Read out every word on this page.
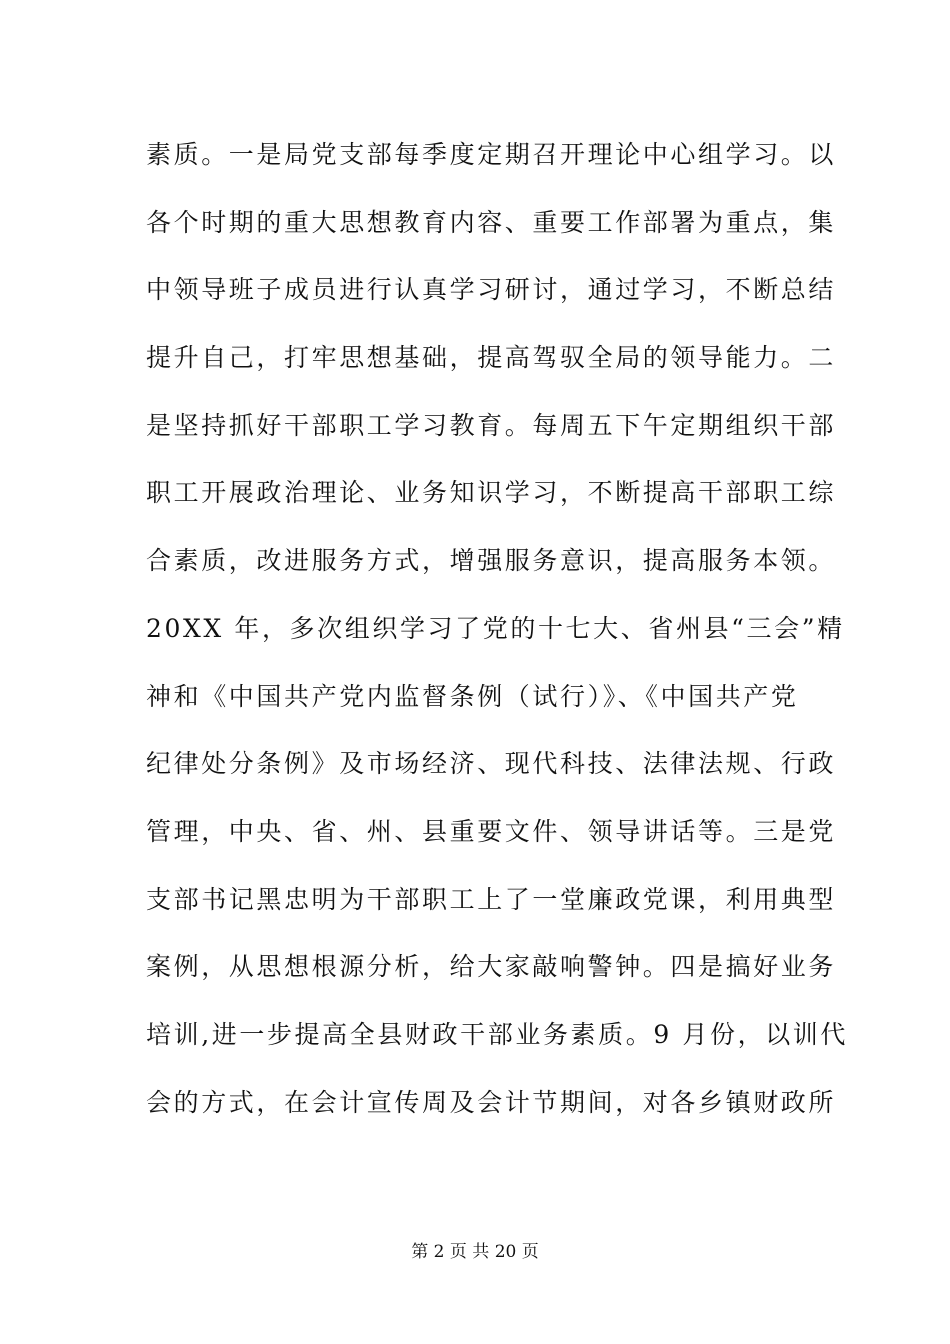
素质。一是局党支部每季度定期召开理论中心组学习。以
各个时期的重大思想教育内容、重要工作部署为重点，集
中领导班子成员进行认真学习研讨，通过学习，不断总结
提升自己，打牢思想基础，提高驾驭全局的领导能力。二
是坚持抓好干部职工学习教育。每周五下午定期组织干部
职工开展政治理论、业务知识学习，不断提高干部职工综
合素质，改进服务方式，增强服务意识，提高服务本领。
20XX 年，多次组织学习了党的十七大、省州县“三会”精
神和《中国共产党内监督条例（试行）》、《中国共产党
纪律处分条例》及市场经济、现代科技、法律法规、行政
管理，中央、省、州、县重要文件、领导讲话等。三是党
支部书记黑忠明为干部职工上了一堂廉政党课，利用典型
案例，从思想根源分析，给大家敲响警钟。四是搞好业务
培训,进一步提高全县财政干部业务素质。9 月份，以训代
会的方式，在会计宣传周及会计节期间，对各乡镇财政所
第 2 页 共 20 页
